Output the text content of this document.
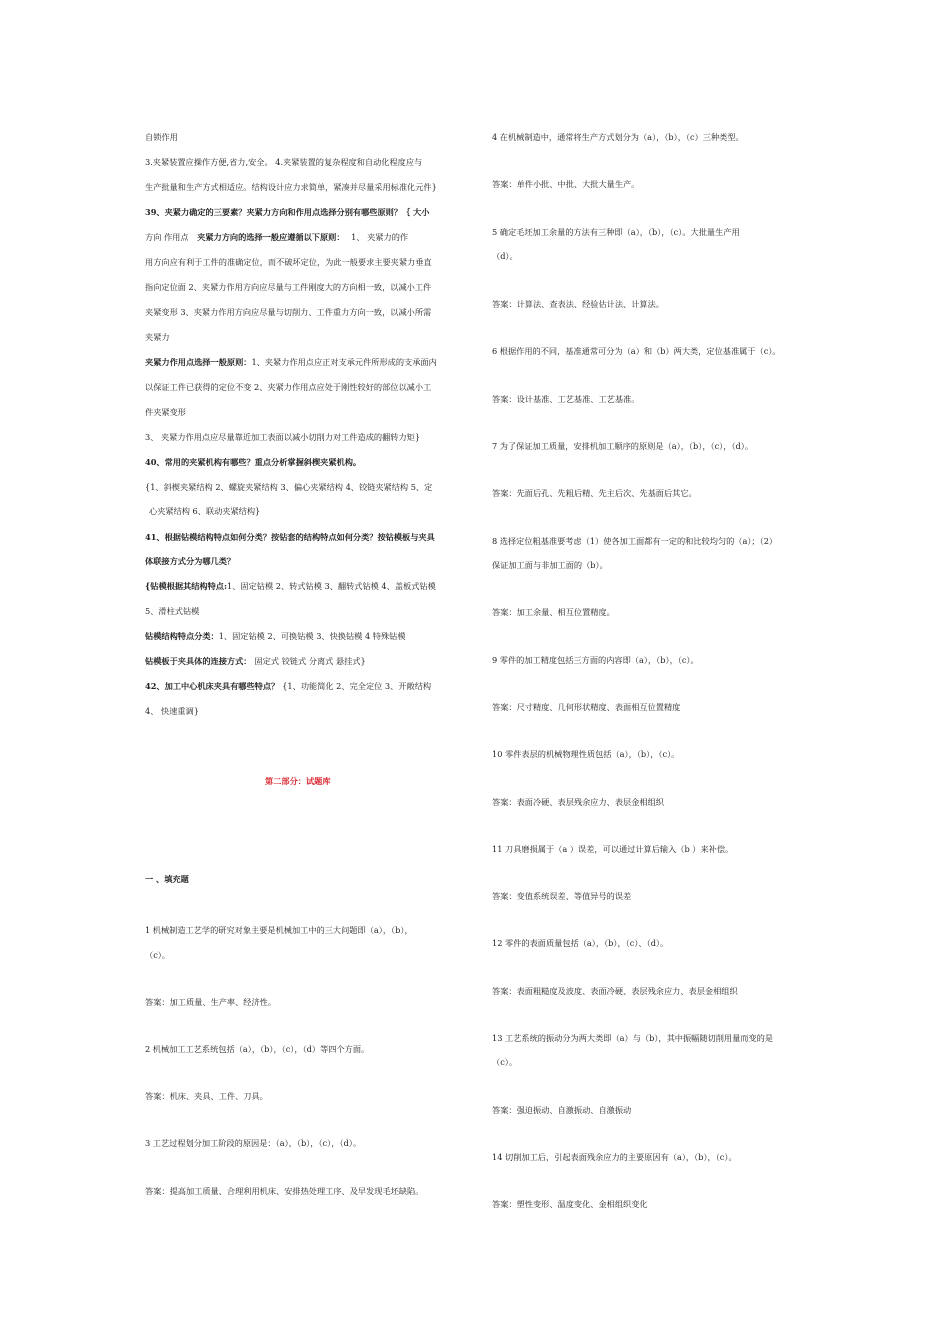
自锁作用
3.夹紧装置应操作方便,省力,安全。 4.夹紧装置的复杂程度和自动化程度应与
生产批量和生产方式相适应。结构设计应力求简单，紧凑并尽量采用标准化元件}
39、夹紧力确定的三要素？夹紧力方向和作用点选择分别有哪些原则？｛ 大小
方向 作用点 夹紧力方向的选择一般应遵循以下原则： 1、 夹紧力的作
用方向应有利于工件的准确定位，而不破坏定位，为此一般要求主要夹紧力垂直
指向定位面 2、夹紧力作用方向应尽量与工件刚度大的方向相一致，以减小工件
夹紧变形 3、夹紧力作用方向应尽量与切削力、工件重力方向一致，以减小所需
夹紧力
夹紧力作用点选择一般原则：1、夹紧力作用点应正对支承元件所形成的支承面内
以保证工件已获得的定位不变 2、夹紧力作用点应处于刚性较好的部位以减小工
件夹紧变形
3、 夹紧力作用点应尽量靠近加工表面以减小切削力对工件造成的翻转力矩}
40、常用的夹紧机构有哪些？重点分析掌握斜楔夹紧机构。
{1、斜楔夹紧结构 2、螺旋夹紧结构 3、偏心夹紧结构 4、铰链夹紧结构 5、定
心夹紧结构 6、联动夹紧结构}
41、根据钻模结构特点如何分类？按钻套的结构特点如何分类？按钻模板与夹具
体联接方式分为哪几类？
{钻模根据其结构特点:1、固定钻模 2、转式钻模 3、翻转式钻模 4、盖板式钻模
5、滑柱式钻模
钻模结构特点分类：1、固定钻模 2、可换钻模 3、快换钻模 4 特殊钻模
钻模板于夹具体的连接方式： 固定式 铰链式 分离式 悬挂式}
42、加工中心机床夹具有哪些特点？ {1、功能简化 2、完全定位 3、开敞结构
4、 快速重调}
第二部分：试题库
一 、填充题
1 机械制造工艺学的研究对象主要是机械加工中的三大问题即（a），（b），
（c）。
答案：加工质量、生产率、经济性。
2 机械加工工艺系统包括（a），（b），（c），（d）等四个方面。
答案：机床、夹具、工件、刀具。
3 工艺过程划分加工阶段的原因是：（a），（b），（c），（d）。
答案：提高加工质量、合理利用机床、安排热处理工序、及早发现毛坯缺陷。
4 在机械制造中，通常将生产方式划分为（a），（b），（c）三种类型。
答案：单件小批、中批、大批大量生产。
5 确定毛坯加工余量的方法有三种即（a），（b），（c）。大批量生产用
（d）。
答案：计算法、查表法、经验估计法、计算法。
6 根据作用的不同，基准通常可分为（a）和（b）两大类，定位基准属于（c）。
答案：设计基准、工艺基准、工艺基准。
7 为了保证加工质量，安排机加工顺序的原则是（a），（b），（c），（d）。
答案：先面后孔、先粗后精、先主后次、先基面后其它。
8 选择定位粗基准要考虑（1）使各加工面都有一定的和比较均匀的（a）；（2）
保证加工面与非加工面的（b）。
答案：加工余量、相互位置精度。
9 零件的加工精度包括三方面的内容即（a），（b），（c）。
答案：尺寸精度、几何形状精度、表面相互位置精度
10 零件表层的机械物理性质包括（a），（b），（c）。
答案：表面冷硬、表层残余应力、表层金相组织
11 刀具磨损属于（a ）误差，可以通过计算后输入（b ）来补偿。
答案：变值系统误差、等值异号的误差
12 零件的表面质量包括（a），（b），（c）、（d）。
答案：表面粗糙度及波度、表面冷硬、表层残余应力、表层金相组织
13 工艺系统的振动分为两大类即（a）与（b），其中振幅随切削用量而变的是
（c）。
答案：强迫振动、自激振动、自激振动
14 切削加工后，引起表面残余应力的主要原因有（a），（b），（c）。
答案：塑性变形、温度变化、金相组织变化
